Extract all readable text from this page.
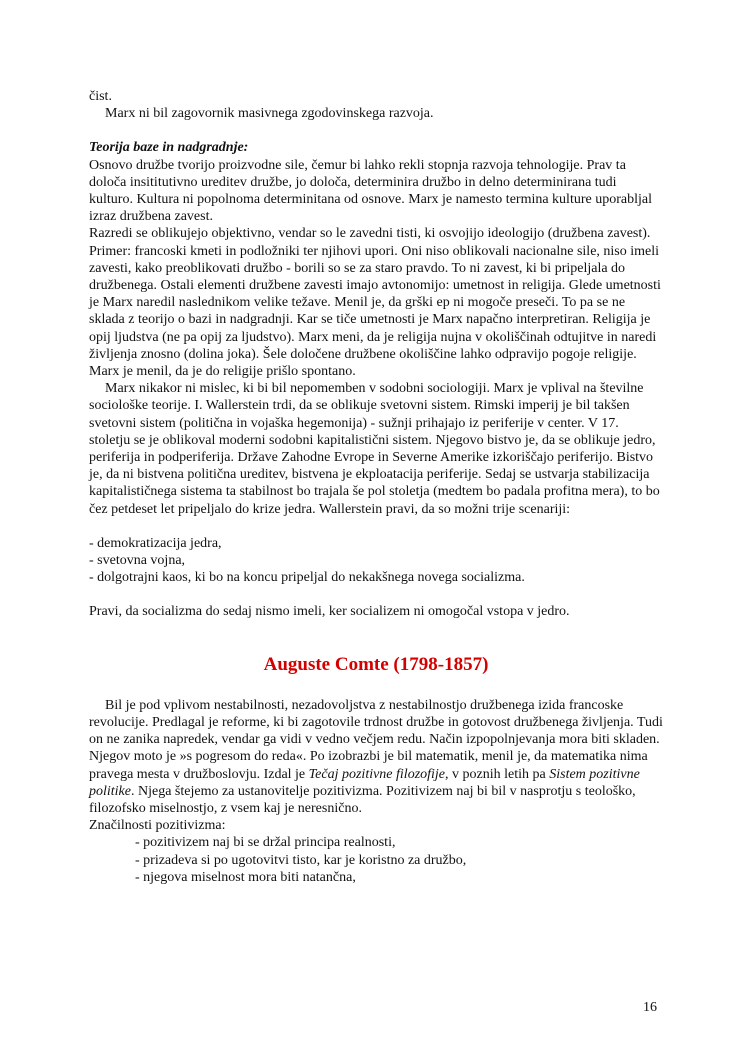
čist.

Marx ni bil zagovornik masivnega zgodovinskega razvoja.

Teorija baze in nadgradnje:

Osnovo družbe tvorijo proizvodne sile, čemur bi lahko rekli stopnja razvoja tehnologije. Prav ta določa insititutivno ureditev družbe, jo določa, determinira družbo in delno determinirana tudi kulturo. Kultura ni popolnoma determinitana od osnove. Marx je namesto termina kulture uporabljal izraz družbena zavest.

Razredi se oblikujejo objektivno, vendar so le zavedni tisti, ki osvojijo ideologijo (družbena zavest). Primer: francoski kmeti in podložniki ter njihovi upori. Oni niso oblikovali nacionalne sile, niso imeli zavesti, kako preoblikovati družbo - borili so se za staro pravdo. To ni zavest, ki bi pripeljala do družbenega. Ostali elementi družbene zavesti imajo avtonomijo: umetnost in religija. Glede umetnosti je Marx naredil naslednikom velike težave. Menil je, da grški ep ni mogoče preseči. To pa se ne sklada z teorijo o bazi in nadgradnji. Kar se tiče umetnosti je Marx napačno interpretiran. Religija je opij ljudstva (ne pa opij za ljudstvo). Marx meni, da je religija nujna v okoliščinah odtujitve in naredi življenja znosno (dolina joka). Šele določene družbene okoliščine lahko odpravijo pogoje religije. Marx je menil, da je do religije prišlo spontano.

Marx nikakor ni mislec, ki bi bil nepomemben v sodobni sociologiji. Marx je vplival na številne sociološke teorije. I. Wallerstein trdi, da se oblikuje svetovni sistem. Rimski imperij je bil takšen svetovni sistem (politična in vojaška hegemonija) - sužnji prihajajo iz periferije v center. V 17. stoletju se je oblikoval moderni sodobni kapitalistični sistem. Njegovo bistvo je, da se oblikuje jedro, periferija in podperiferija. Države Zahodne Evrope in Severne Amerike izkoriščajo periferijo. Bistvo je, da ni bistvena politična ureditev, bistvena je ekploatacija periferije. Sedaj se ustvarja stabilizacija kapitalističnega sistema ta stabilnost bo trajala še pol stoletja (medtem bo padala profitna mera), to bo čez petdeset let pripeljalo do krize jedra. Wallerstein pravi, da so možni trije scenariji:

- demokratizacija jedra,

- svetovna vojna,

- dolgotrajni kaos, ki bo na koncu pripeljal do nekakšnega novega socializma.

Pravi, da socializma do sedaj nismo imeli, ker socializem ni omogočal vstopa v jedro.

Auguste Comte (1798-1857)

Bil je pod vplivom nestabilnosti, nezadovoljstva z nestabilnostjo družbenega izida francoske revolucije. Predlagal je reforme, ki bi zagotovile trdnost družbe in gotovost družbenega življenja. Tudi on ne zanika napredek, vendar ga vidi v vedno večjem redu. Način izpopolnjevanja mora biti skladen. Njegov moto je »s pogresom do reda«. Po izobrazbi je bil matematik, menil je, da matematika nima pravega mesta v družboslovju. Izdal je Tečaj pozitivne filozofije, v poznih letih pa Sistem pozitivne politike. Njega štejemo za ustanovitelje pozitivizma. Pozitivizem naj bi bil v nasprotju s teološko, filozofsko miselnostjo, z vsem kaj je neresnično.

Značilnosti pozitivizma:

- pozitivizem naj bi se držal principa realnosti,

- prizadeva si po ugotovitvi tisto, kar je koristno za družbo,

- njegova miselnost mora biti natančna,

16
